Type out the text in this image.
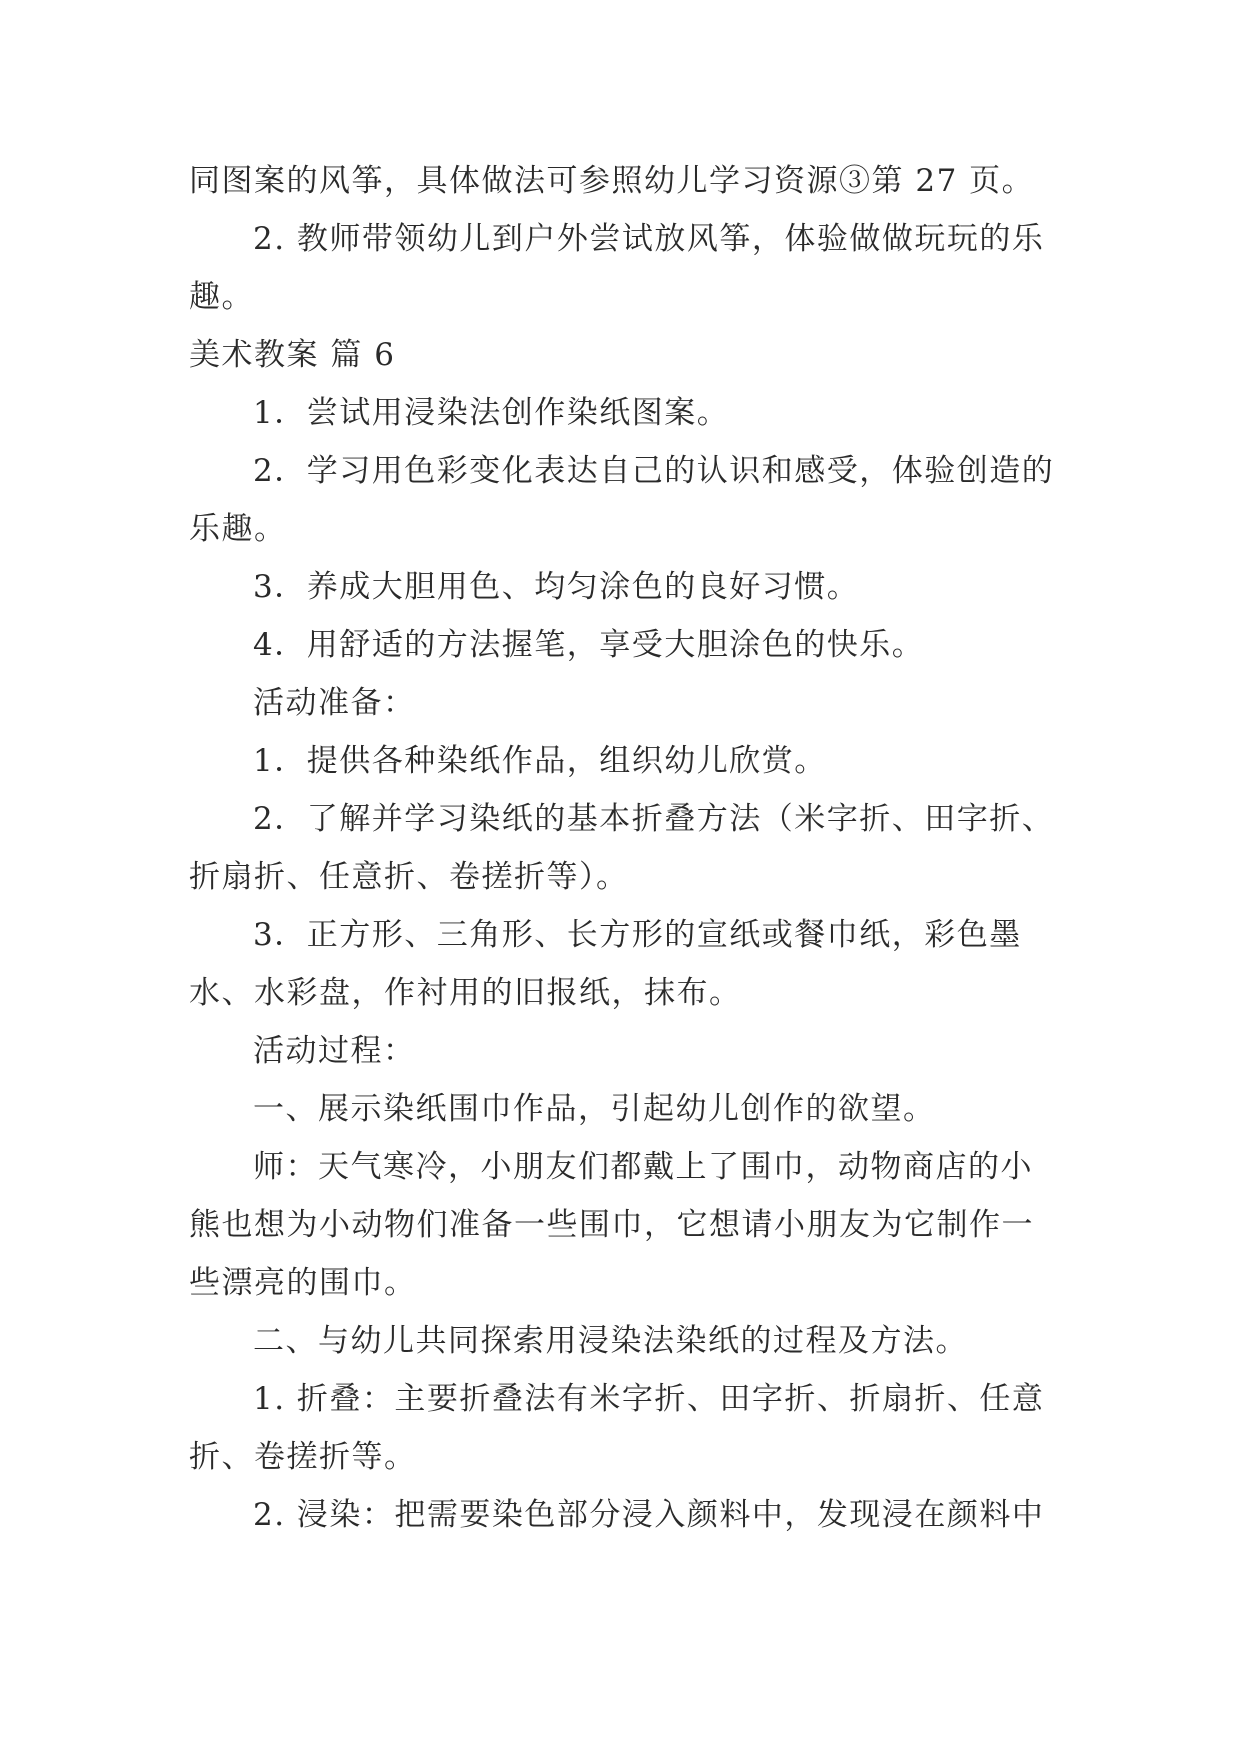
同图案的风筝，具体做法可参照幼儿学习资源③第 27 页。

2. 教师带领幼儿到户外尝试放风筝，体验做做玩玩的乐趣。

美术教案 篇 6

1．尝试用浸染法创作染纸图案。

2．学习用色彩变化表达自己的认识和感受，体验创造的乐趣。

3．养成大胆用色、均匀涂色的良好习惯。

4．用舒适的方法握笔，享受大胆涂色的快乐。

活动准备：

1．提供各种染纸作品，组织幼儿欣赏。

2．了解并学习染纸的基本折叠方法（米字折、田字折、折扇折、任意折、卷搓折等）。

3．正方形、三角形、长方形的宣纸或餐巾纸，彩色墨水、水彩盘，作衬用的旧报纸，抹布。

活动过程：

一、展示染纸围巾作品，引起幼儿创作的欲望。

师：天气寒冷，小朋友们都戴上了围巾，动物商店的小熊也想为小动物们准备一些围巾，它想请小朋友为它制作一些漂亮的围巾。

二、与幼儿共同探索用浸染法染纸的过程及方法。

1. 折叠：主要折叠法有米字折、田字折、折扇折、任意折、卷搓折等。

2. 浸染：把需要染色部分浸入颜料中，发现浸在颜料中
